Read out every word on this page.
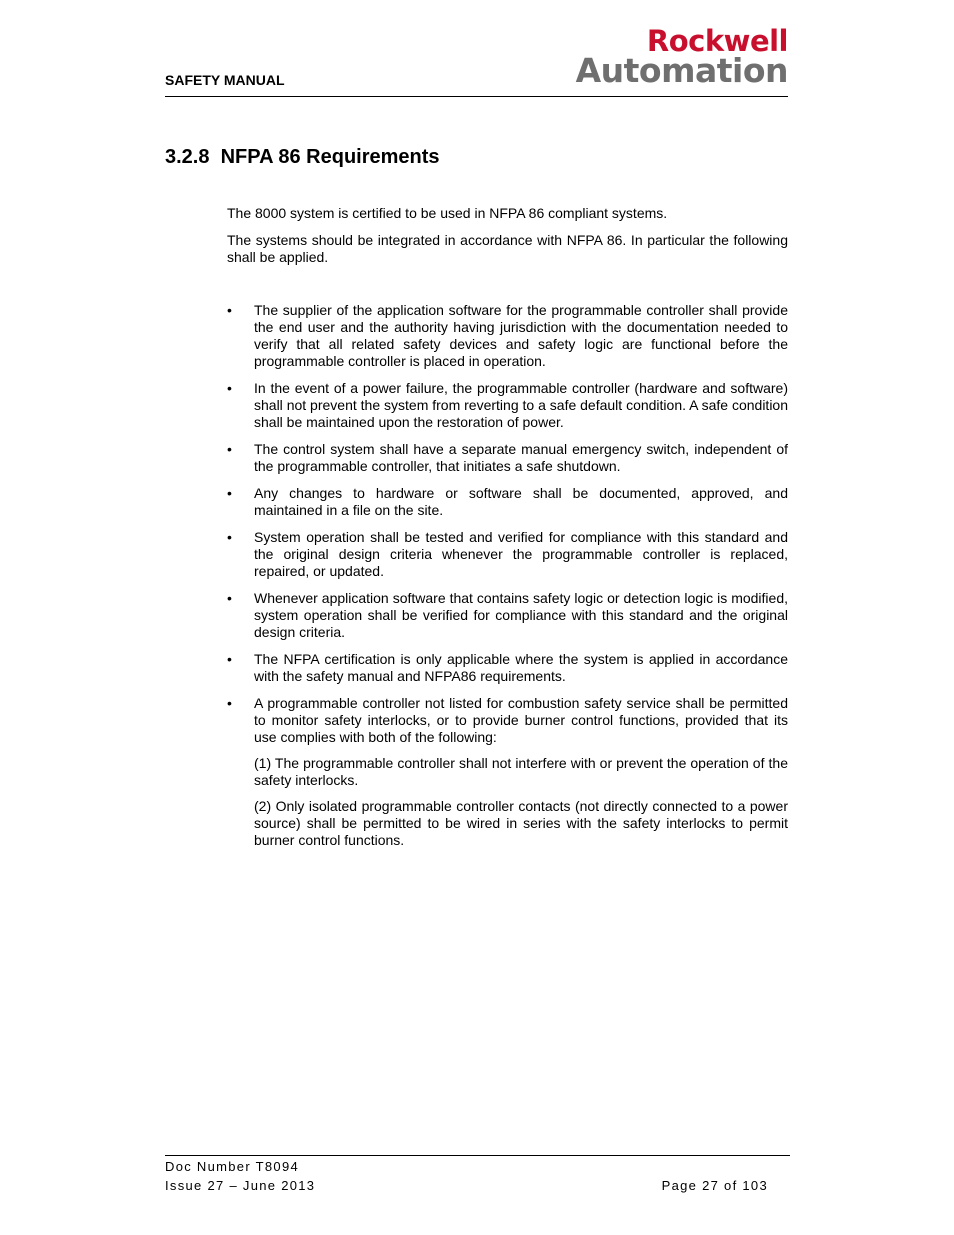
SAFETY MANUAL
Rockwell
Automation
3.2.8 NFPA 86 Requirements

The 8000 system is certified to be used in NFPA 86 compliant systems.

The systems should be integrated in accordance with NFPA 86. In particular the following shall be applied.

• The supplier of the application software for the programmable controller shall provide the end user and the authority having jurisdiction with the documentation needed to verify that all related safety devices and safety logic are functional before the programmable controller is placed in operation.
• In the event of a power failure, the programmable controller (hardware and software) shall not prevent the system from reverting to a safe default condition. A safe condition shall be maintained upon the restoration of power.
• The control system shall have a separate manual emergency switch, independent of the programmable controller, that initiates a safe shutdown.
• Any changes to hardware or software shall be documented, approved, and maintained in a file on the site.
• System operation shall be tested and verified for compliance with this standard and the original design criteria whenever the programmable controller is replaced, repaired, or updated.
• Whenever application software that contains safety logic or detection logic is modified, system operation shall be verified for compliance with this standard and the original design criteria.
• The NFPA certification is only applicable where the system is applied in accordance with the safety manual and NFPA86 requirements.
• A programmable controller not listed for combustion safety service shall be permitted to monitor safety interlocks, or to provide burner control functions, provided that its use complies with both of the following:

(1) The programmable controller shall not interfere with or prevent the operation of the safety interlocks.

(2) Only isolated programmable controller contacts (not directly connected to a power source) shall be permitted to be wired in series with the safety interlocks to permit burner control functions.

Doc Number T8094
Issue 27 – June 2013	Page 27 of 103
